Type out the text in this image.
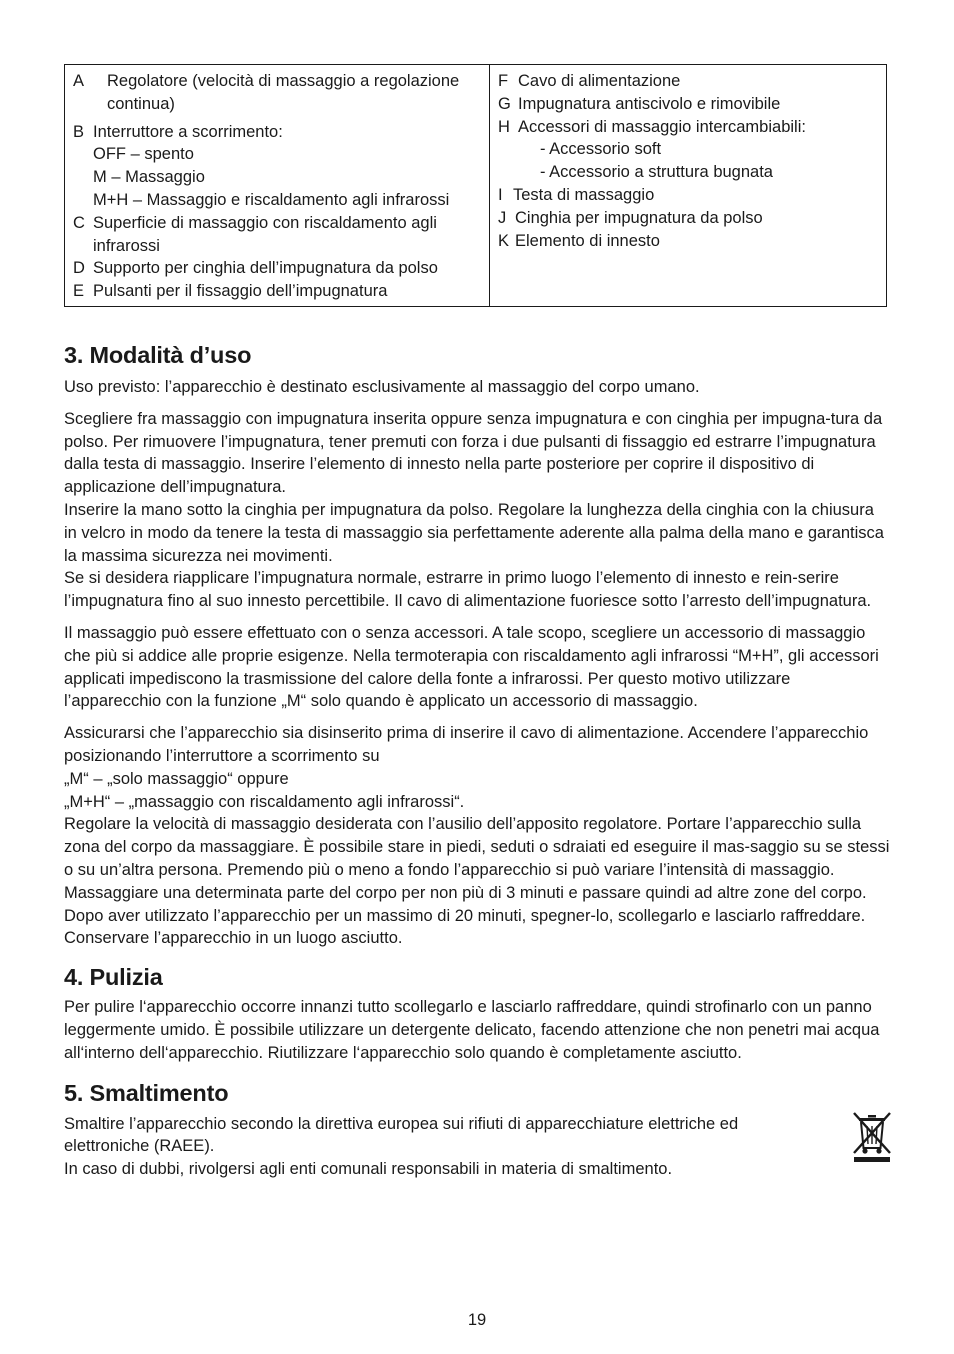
A	Regolatore (velocità di massaggio a regolazione continua)
B Interruttore a scorrimento:
OFF – spento
M – Massaggio
M+H – Massaggio e riscaldamento agli infrarossi
C Superficie di massaggio con riscaldamento agli infrarossi
D Supporto per cinghia dell’impugnatura da polso
E Pulsanti per il fissaggio dell’impugnatura
F Cavo di alimentazione
G Impugnatura antiscivolo e rimovibile
H Accessori di massaggio intercambiabili:
- Accessorio soft
- Accessorio a struttura bugnata
I Testa di massaggio
J Cinghia per impugnatura da polso
K Elemento di innesto
3. Modalità d’uso

Uso previsto: l’apparecchio è destinato esclusivamente al massaggio del corpo umano.

Scegliere fra massaggio con impugnatura inserita oppure senza impugnatura e con cinghia per impugna-tura da polso. Per rimuovere l’impugnatura, tener premuti con forza i due pulsanti di fissaggio ed estrarre l’impugnatura dalla testa di massaggio. Inserire l’elemento di innesto nella parte posteriore per coprire il dispositivo di applicazione dell’impugnatura.

Inserire la mano sotto la cinghia per impugnatura da polso. Regolare la lunghezza della cinghia con la chiusura in velcro in modo da tenere la testa di massaggio sia perfettamente aderente alla palma della mano e garantisca la massima sicurezza nei movimenti.

Se si desidera riapplicare l’impugnatura normale, estrarre in primo luogo l’elemento di innesto e rein-serire l’impugnatura fino al suo innesto percettibile. Il cavo di alimentazione fuoriesce sotto l’arresto dell’impugnatura.

Il massaggio può essere effettuato con o senza accessori. A tale scopo, scegliere un accessorio di massaggio che più si addice alle proprie esigenze. Nella termoterapia con riscaldamento agli infrarossi “M+H”, gli accessori applicati impediscono la trasmissione del calore della fonte a infrarossi. Per questo motivo utilizzare l’apparecchio con la funzione „M“ solo quando è applicato un accessorio di massaggio.

Assicurarsi che l’apparecchio sia disinserito prima di inserire il cavo di alimentazione. Accendere l’apparecchio posizionando l’interruttore a scorrimento su

„M“ – „solo massaggio“ oppure

„M+H“ – „massaggio con riscaldamento agli infrarossi“.

Regolare la velocità di massaggio desiderata con l’ausilio dell’apposito regolatore. Portare l’apparecchio sulla zona del corpo da massaggiare. È possibile stare in piedi, seduti o sdraiati ed eseguire il mas-saggio su se stessi o su un’altra persona. Premendo più o meno a fondo l’apparecchio si può variare l’intensità di massaggio. Massaggiare una determinata parte del corpo per non più di 3 minuti e passare quindi ad altre zone del corpo. Dopo aver utilizzato l’apparecchio per un massimo di 20 minuti, spegner-lo, scollegarlo e lasciarlo raffreddare. Conservare l’apparecchio in un luogo asciutto.

4. Pulizia

Per pulire l‘apparecchio occorre innanzi tutto scollegarlo e lasciarlo raffreddare, quindi strofinarlo con un panno leggermente umido. È possibile utilizzare un detergente delicato, facendo attenzione che non penetri mai acqua all‘interno dell‘apparecchio. Riutilizzare l‘apparecchio solo quando è completamente asciutto.

5. Smaltimento

Smaltire l’apparecchio secondo la direttiva europea sui rifiuti di apparecchiature elettriche ed elettroniche (RAEE).

In caso di dubbi, rivolgersi agli enti comunali responsabili in materia di smaltimento.

19
